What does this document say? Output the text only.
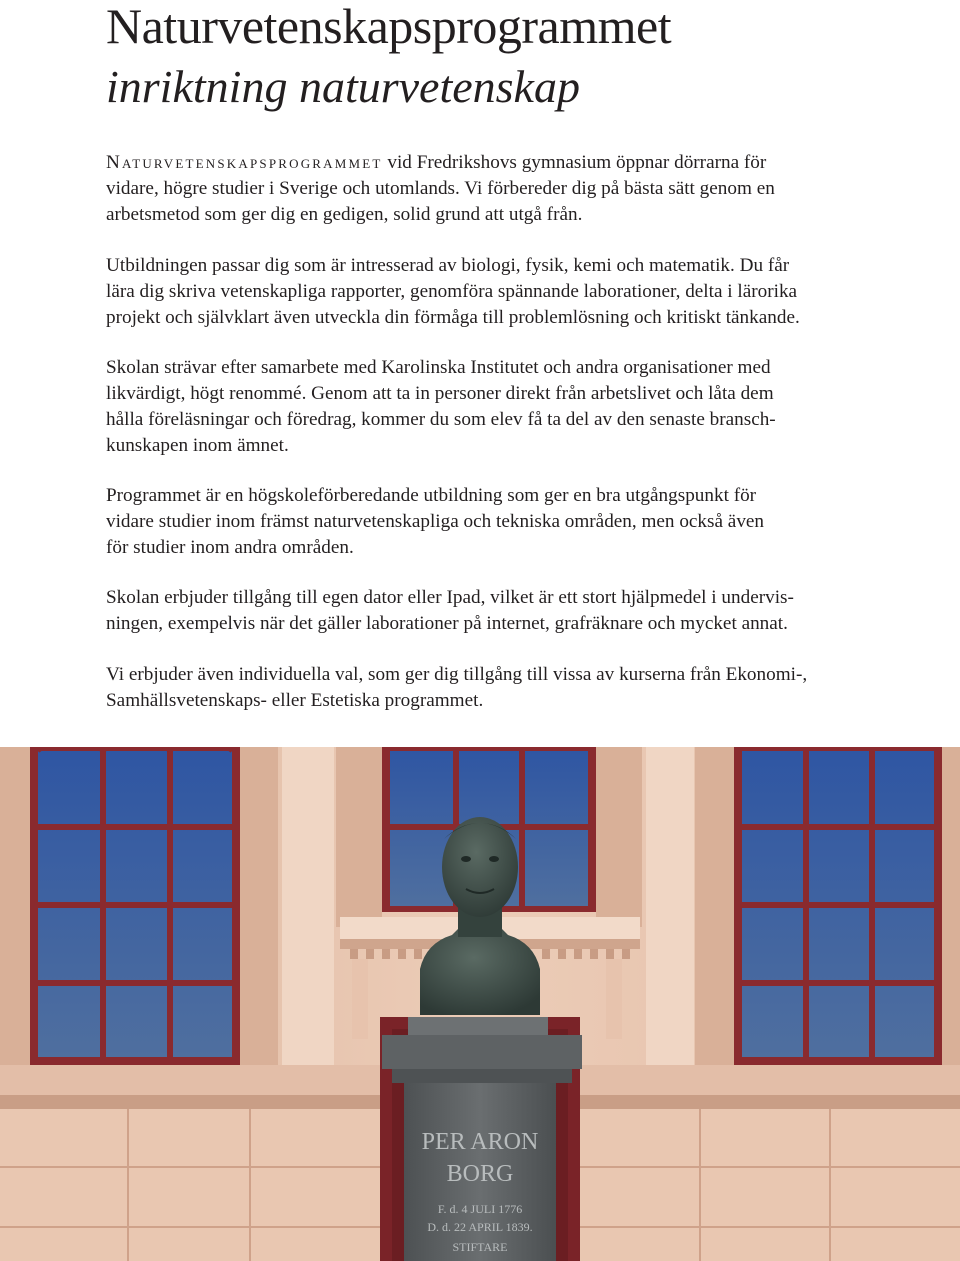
Naturvetenskapsprogrammet
inriktning naturvetenskap

Naturvetenskapsprogrammet vid Fredrikshovs gymnasium öppnar dörrarna för
vidare, högre studier i Sverige och utomlands. Vi förbereder dig på bästa sätt genom en
arbetsmetod som ger dig en gedigen, solid grund att utgå från.

Utbildningen passar dig som är intresserad av biologi, fysik, kemi och matematik. Du får
lära dig skriva vetenskapliga rapporter, genomföra spännande laborationer, delta i lärorika
projekt och självklart även utveckla din förmåga till problemlösning och kritiskt tänkande.

Skolan strävar efter samarbete med Karolinska Institutet och andra organisationer med
likvärdigt, högt renommé. Genom att ta in personer direkt från arbetslivet och låta dem
hålla föreläsningar och föredrag, kommer du som elev få ta del av den senaste bransch-
kunskapen inom ämnet.

Programmet är en högskoleförberedande utbildning som ger en bra utgångspunkt för
vidare studier inom främst naturvetenskapliga och tekniska områden, men också även
för studier inom andra områden.

Skolan erbjuder tillgång till egen dator eller Ipad, vilket är ett stort hjälpmedel i undervis-
ningen, exempelvis när det gäller laborationer på internet, grafräknare och mycket annat.

Vi erbjuder även individuella val, som ger dig tillgång till vissa av kurserna från Ekonomi-,
Samhällsvetenskaps- eller Estetiska programmet.

PER ARON
BORG
F. d. 4 JULI 1776
D. d. 22 APRIL 1839.
STIFTARE
